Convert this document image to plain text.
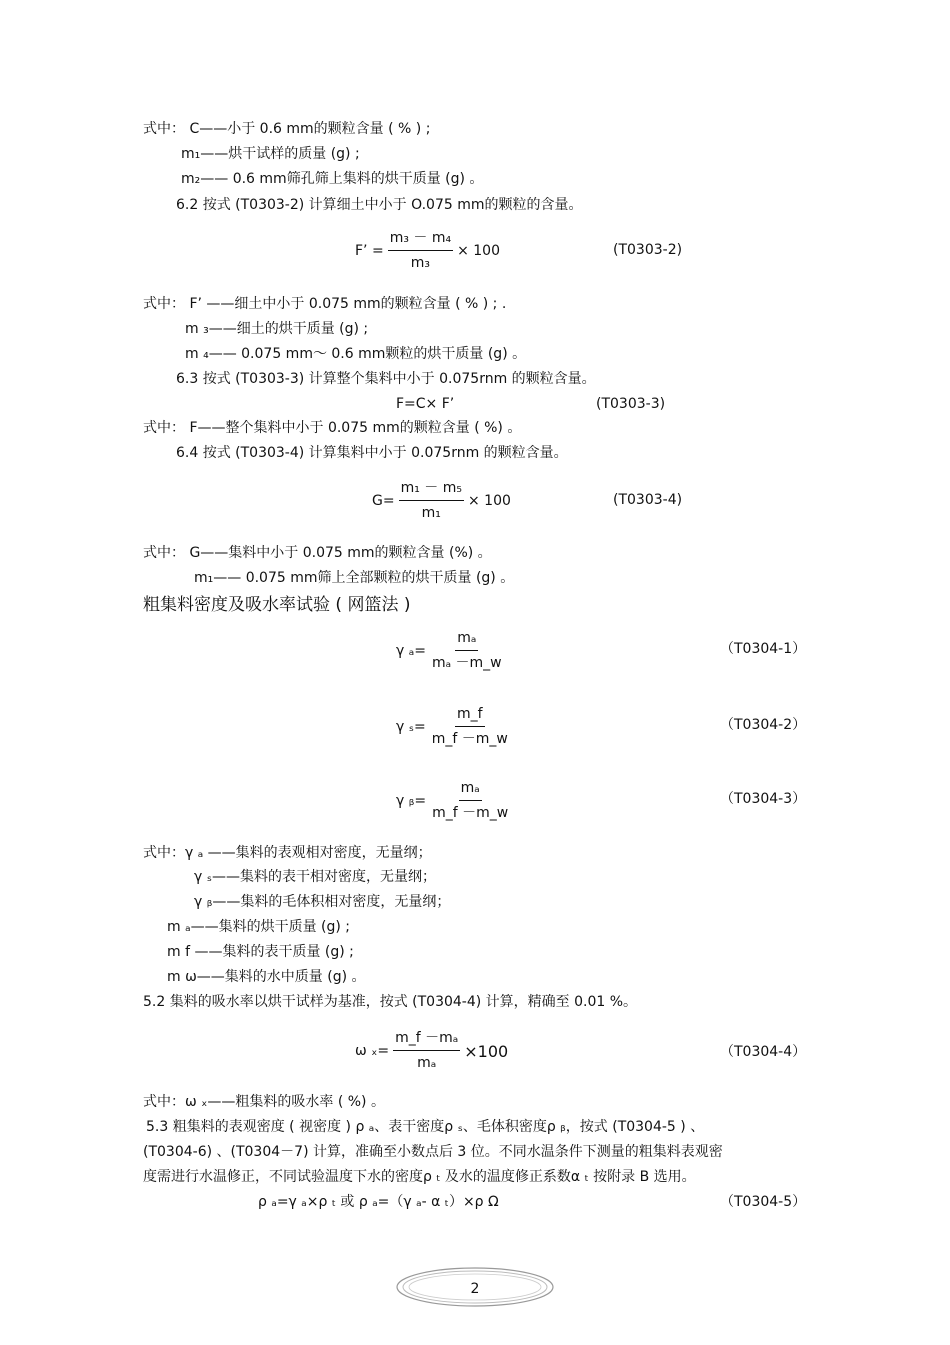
式中： C——小于 0.6 mm的颗粒含量 ( % ) ;
m₁——烘干试样的质量 (g) ;
m₂—— 0.6 mm筛孔筛上集料的烘干质量 (g) 。
6.2 按式 (T0303-2) 计算细土中小于 O.075 mm的颗粒的含量。
F’ = $\frac{\text{m₃ － m₄}}{\text{m₃}} \times 100$	(T0303-2)
式中： F’ ——细土中小于 0.075 mm的颗粒含量 ( % ) ; .
m ₃——细土的烘干质量 (g) ;
m ₄—— 0.075 mm～ 0.6 mm颗粒的烘干质量 (g) 。
6.3 按式 (T0303-3) 计算整个集料中小于 0.075rnm 的颗粒含量。
F=C× F’	(T0303-3)
式中： F——整个集料中小于 0.075 mm的颗粒含量 ( %) 。
6.4 按式 (T0303-4) 计算集料中小于 0.075rnm 的颗粒含量。
$G= \frac{\text{m₁ － m₅}}{\text{m₁}} \times 100$	(T0303-4)
式中： G——集料中小于 0.075 mm的颗粒含量 (%) 。
m₁—— 0.075 mm筛上全部颗粒的烘干质量 (g) 。
粗集料密度及吸水率试验 ( 网篮法 )
γ $_a= \frac{\text{mₐ}}{\text{mₐ －m\_w}}$	（T0304-1）
γ $_s= \frac{m\_f}{m\_f -m\_w}$	（T0304-2）
γ ᵦ= $\frac{\text{mₐ}}{m\_f -m\_w}$	（T0304-3）
式中：γ ₐ ——集料的表观相对密度，无量纲；
γ ₛ——集料的表干相对密度，无量纲；
γ ᵦ——集料的毛体积相对密度，无量纲；
m ₐ——集料的烘干质量 (g) ;
m f ——集料的表干质量 (g) ;
m ω——集料的水中质量 (g) 。
5.2 集料的吸水率以烘干试样为基准，按式 (T0304-4) 计算，精确至 0.01 %。
ω $_x= \frac{\text{m\_f －mₐ}}{\text{mₐ}} \times 100$	（T0304-4）
式中：ω ₓ——粗集料的吸水率 ( %) 。
5.3 粗集料的表观密度 ( 视密度 ) ρ ₐ、表干密度ρ ₛ、毛体积密度ρ ᵦ，按式 (T0304-5 ) 、
(T0304-6) 、(T0304－7) 计算，准确至小数点后 3 位。不同水温条件下测量的粗集料表观密
度需进行水温修正，不同试验温度下水的密度ρ ₜ 及水的温度修正系数α ₜ 按附录 B 选用。
ρ ₐ=γ ₐ×ρ ₜ 或 ρ ₐ=（γ ₐ- α ₜ）×ρ Ω	（T0304-5）
2
